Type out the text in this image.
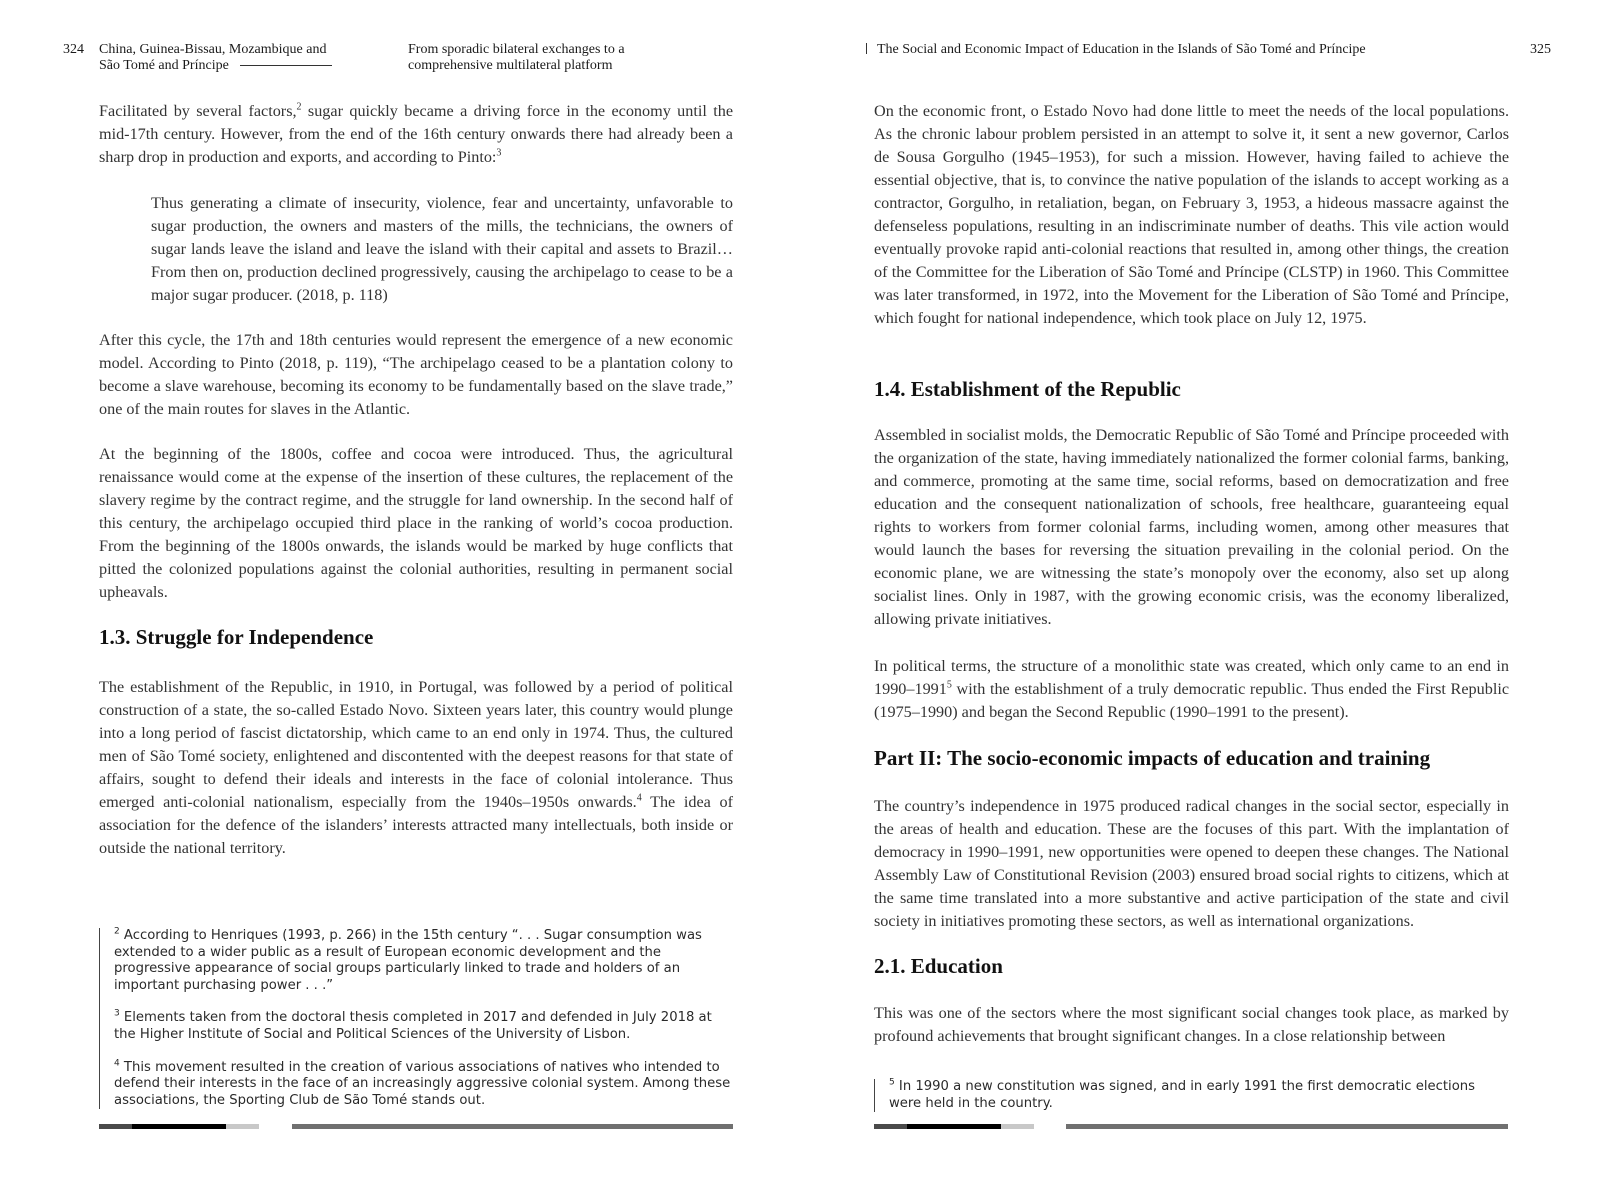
324 China, Guinea-Bissau, Mozambique and
São Tomé and Príncipe
From sporadic bilateral exchanges to a
comprehensive multilateral platform

Facilitated by several factors,$^2$ sugar quickly became a driving force in the economy until the mid-17th century. However, from the end of the 16th century onwards there had already been a sharp drop in production and exports, and according to Pinto:$^3$

Thus generating a climate of insecurity, violence, fear and uncertainty, unfavorable to sugar production, the owners and masters of the mills, the technicians, the owners of sugar lands leave the island and leave the island with their capital and assets to Brazil… From then on, production declined progressively, causing the archipelago to cease to be a major sugar producer. (2018, p. 118)

After this cycle, the 17th and 18th centuries would represent the emergence of a new economic model. According to Pinto (2018, p. 119), “The archipelago ceased to be a plantation colony to become a slave warehouse, becoming its economy to be fundamentally based on the slave trade,” one of the main routes for slaves in the Atlantic.

At the beginning of the 1800s, coffee and cocoa were introduced. Thus, the agricultural renaissance would come at the expense of the insertion of these cultures, the replacement of the slavery regime by the contract regime, and the struggle for land ownership. In the second half of this century, the archipelago occupied third place in the ranking of world’s cocoa production. From the beginning of the 1800s onwards, the islands would be marked by huge conflicts that pitted the colonized populations against the colonial authorities, resulting in permanent social upheavals.

1.3. Struggle for Independence

The establishment of the Republic, in 1910, in Portugal, was followed by a period of political construction of a state, the so-called Estado Novo. Sixteen years later, this country would plunge into a long period of fascist dictatorship, which came to an end only in 1974. Thus, the cultured men of São Tomé society, enlightened and discontented with the deepest reasons for that state of affairs, sought to defend their ideals and interests in the face of colonial intolerance. Thus emerged anti-colonial nationalism, especially from the 1940s–1950s onwards.$^4$ The idea of association for the defence of the islanders’ interests attracted many intellectuals, both inside or outside the national territory.

$^2$ According to Henriques (1993, p. 266) in the 15th century “. . . Sugar consumption was extended to a wider public as a result of European economic development and the progressive appearance of social groups particularly linked to trade and holders of an important purchasing power . . .”

$^3$ Elements taken from the doctoral thesis completed in 2017 and defended in July 2018 at the Higher Institute of Social and Political Sciences of the University of Lisbon.

$^4$ This movement resulted in the creation of various associations of natives who intended to defend their interests in the face of an increasingly aggressive colonial system. Among these associations, the Sporting Club de São Tomé stands out.

The Social and Economic Impact of Education in the Islands of São Tomé and Príncipe	325

On the economic front, o Estado Novo had done little to meet the needs of the local populations. As the chronic labour problem persisted in an attempt to solve it, it sent a new governor, Carlos de Sousa Gorgulho (1945–1953), for such a mission. However, having failed to achieve the essential objective, that is, to convince the native population of the islands to accept working as a contractor, Gorgulho, in retaliation, began, on February 3, 1953, a hideous massacre against the defenseless populations, resulting in an indiscriminate number of deaths. This vile action would eventually provoke rapid anti-colonial reactions that resulted in, among other things, the creation of the Committee for the Liberation of São Tomé and Príncipe (CLSTP) in 1960. This Committee was later transformed, in 1972, into the Movement for the Liberation of São Tomé and Príncipe, which fought for national independence, which took place on July 12, 1975.

1.4. Establishment of the Republic

Assembled in socialist molds, the Democratic Republic of São Tomé and Príncipe proceeded with the organization of the state, having immediately nationalized the former colonial farms, banking, and commerce, promoting at the same time, social reforms, based on democratization and free education and the consequent nationalization of schools, free healthcare, guaranteeing equal rights to workers from former colonial farms, including women, among other measures that would launch the bases for reversing the situation prevailing in the colonial period. On the economic plane, we are witnessing the state’s monopoly over the economy, also set up along socialist lines. Only in 1987, with the growing economic crisis, was the economy liberalized, allowing private initiatives.

In political terms, the structure of a monolithic state was created, which only came to an end in 1990–1991$^5$ with the establishment of a truly democratic republic. Thus ended the First Republic (1975–1990) and began the Second Republic (1990–1991 to the present).

Part II: The socio-economic impacts of education and training

The country’s independence in 1975 produced radical changes in the social sector, especially in the areas of health and education. These are the focuses of this part. With the implantation of democracy in 1990–1991, new opportunities were opened to deepen these changes. The National Assembly Law of Constitutional Revision (2003) ensured broad social rights to citizens, which at the same time translated into a more substantive and active participation of the state and civil society in initiatives promoting these sectors, as well as international organizations.

2.1. Education

This was one of the sectors where the most significant social changes took place, as marked by profound achievements that brought significant changes. In a close relationship between

$^5$ In 1990 a new constitution was signed, and in early 1991 the first democratic elections were held in the country.
